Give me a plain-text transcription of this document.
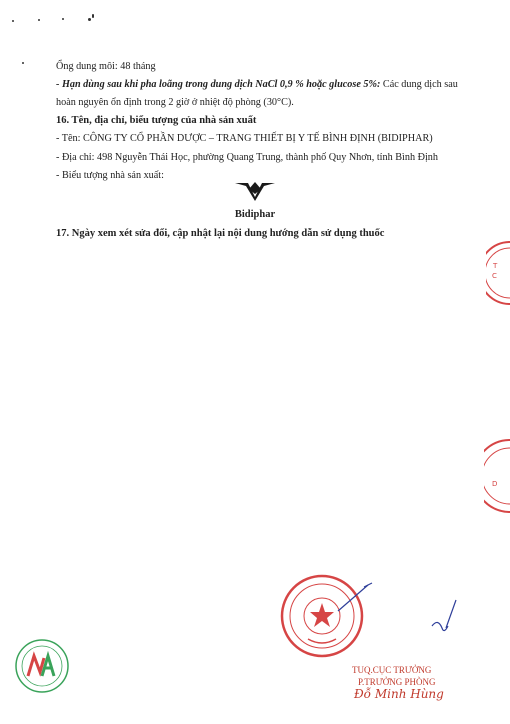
Ổng dung môi: 48 tháng
- Hạn dùng sau khi pha loãng trong dung dịch NaCl 0,9 % hoặc glucose 5%: Các dung dịch sau
hoàn nguyên ổn định trong 2 giờ ở nhiệt độ phòng (30°C).
16. Tên, địa chỉ, biểu tượng của nhà sản xuất
- Tên: CÔNG TY CỔ PHẦN DƯỢC – TRANG THIẾT BỊ Y TẾ BÌNH ĐỊNH (BIDIPHAR)
- Địa chỉ: 498 Nguyễn Thái Học, phường Quang Trung, thành phố Quy Nhơn, tỉnh Bình Định
- Biểu tượng nhà sản xuất:
Bidiphar
17. Ngày xem xét sửa đổi, cập nhật lại nội dung hướng dẫn sử dụng thuốc
T
C
D
TUQ.CỤC TRƯỞNG
P.TRƯỞNG PHÒNG
Đỗ Minh Hùng
